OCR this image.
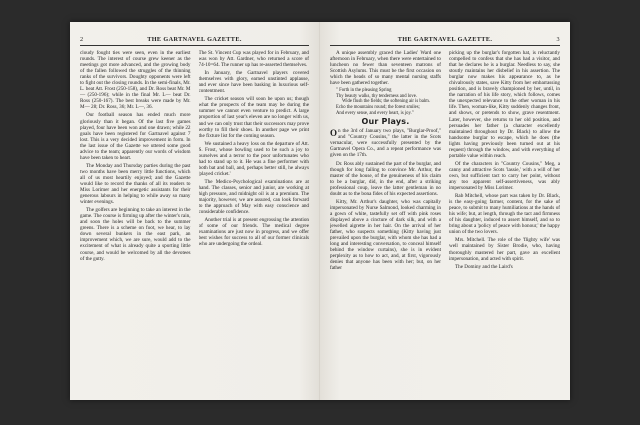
2	THE GARTNAVEL GAZETTE.

cloudy fought ties were seen, even in the earliest rounds. The interest of course grew keener as the meetings got more advanced, and the growing body of the fallen followed the struggles of the thinning ranks of the survivors. Doughty opponents were left to fight out the closing rounds. In the semi-finals, Mr. L. beat Att. Frost (250-158), and Dr. Ross beat Mr. M— (250-196); while in the final Mr. L— beat Dr. Ross (250-167). The best breaks were made by Mr. M— 28; Dr. Ross, 36; Mr. L—, 36.

Our football season has ended much more gloriously than it began. Of the last five games played, four have been won and one drawn; while 22 goals have been registered for Gartnavel against 7 lost. This is a very decided improvement in form. In the last issue of the Gazette we uttered some good advice to the team; apparently our words of wisdom have been taken to heart.

The Monday and Thursday parties during the past two months have been merry little functions, which all of us most heartily enjoyed; and the Gazette would like to record the thanks of all its readers to Miss Lorimer and her energetic assistants for their generous labours in helping to while away so many winter evenings.

The golfers are beginning to take an interest in the game. The course is firming up after the winter's rain, and soon the holes will be back to the summer greens. There is a scheme on foot, we hear, to lay down several bunkers in the east park, an improvement which, we are sure, would add to the excitement of what is already quite a sporting little course, and would be welcomed by all the devotees of the gutty.

The St. Vincent Cup was played for in February, and was won by Att. Gardner, who returned a score of 74-10=64. The runner up has re-asserted themselves.

In January, the Gartnavel players covered themselves with glory, earned unstinted applause, and ever since have been basking in luxurious self-contentment.

The cricket season will soon be upon us; though what the prospects of the team may be during the summer we cannot even venture to predict. A large proportion of last year's eleven are no longer with us, and we can only trust that their successors may prove worthy to fill their shoes. In another page we print the fixture list for the coming season.

We sustained a heavy loss on the departure of Att. S. Frost, whose bowling used to be such a joy to ourselves and a terror to the poor unfortunates who had to stand up to it. He was a fine performer with both bat and ball, and, perhaps better still, he always 'played cricket.'

The Medico-Psychological examinations are at hand. The classes, senior and junior, are working at high pressure, and midnight oil is at a premium. The majority, however, we are assured, can look forward to the approach of May with easy conscience and considerable confidence.

Another trial is at present engrossing the attention of some of our friends. The medical degree examinations are just now in progress, and we offer best wishes for success to all of our former clinicals who are undergoing the ordeal.

THE GARTNAVEL GAZETTE.	3

A unique assembly graced the Ladies' Ward one afternoon in February, when there were entertained to luncheon no fewer than seventeen matrons of Scottish Asylums. This must be the first occasion on which the heads of so many mental nursing staffs have been gathered together.

" Forth in the pleasing Spring
Thy beauty walks, thy tenderness and love.
Wide flush the fields; the softening air is balm.
Echo the mountains round; the forest smiles;
And every sense, and every heart, is joy."
Our Plays.

On the 3rd of January two plays, "Burglar-Proof," and "Country Cousins," the latter in the Scots vernacular, were successfully presented by the Gartnavel Opera Co., and a repeat performance was given on the 17th.

Dr. Ross ably sustained the part of the burglar, and though for long failing to convince Mr. Arthur, the master of the house, of the genuineness of his claim to be a burglar, did, in the end, after a striking professional coup, leave the latter gentleman in no doubt as to the bona fides of his expected assertions.

Kitty, Mr. Arthur's daughter, who was capitally impersonated by Nurse Salmond, looked charming in a gown of white, tastefully set off with pink roses displayed above a cincture of dark silk, and with a jewelled aigrette in her hair. On the arrival of her father, who suspects something (Kitty having just prevailed upon the burglar, with whom she has had a long and interesting conversation, to conceal himself behind the window curtains), she is in evident perplexity as to how to act, and, at first, vigorously denies that anyone has been with her; but, on her father

picking up the burglar's forgotten hat, is reluctantly compelled to confess that she has had a visitor, and that he declares he is a burglar. Needless to say, she stoutly maintains her disbelief in his assertion. The burglar now makes his appearance to, as he chivalrously states, save Kitty from her embarrassing position, and is bravely championed by her, until, in the narration of his life story, which follows, comes the unexpected relevance to the other woman in his life. Then, woman-like, Kitty suddenly changes front, and shows, or pretends to show, grave resentment. Later, however, she returns to her old position, and persuades her father (a character excellently maintained throughout by Dr. Black) to allow the handsome burglar to escape, which he does (the lights having previously been turned out at his request) through the window, and with everything of portable value within reach.

Of the characters in "Country Cousins," Meg, a canny and attractive Scots 'lassie,' with a will of her own, but sufficient tact to carry her point, without any too apparent self-assertiveness, was ably impersonated by Miss Lorimer.

Rab Mitchell, whose part was taken by Dr. Black, is the easy-going farmer, content, for the sake of peace, to submit to many humiliations at the hands of his wife; but, at length, through the tact and firmness of his daughter, induced to assert himself, and so to bring about a 'policy of peace with honour,' the happy union of the two lovers.

Mrs. Mitchell. The role of the 'flighty wife' was well maintained by Sister Brodie, who, having thoroughly mastered her part, gave an excellent impersonation, and acted with spirit.

The Dominy and the Laird's
